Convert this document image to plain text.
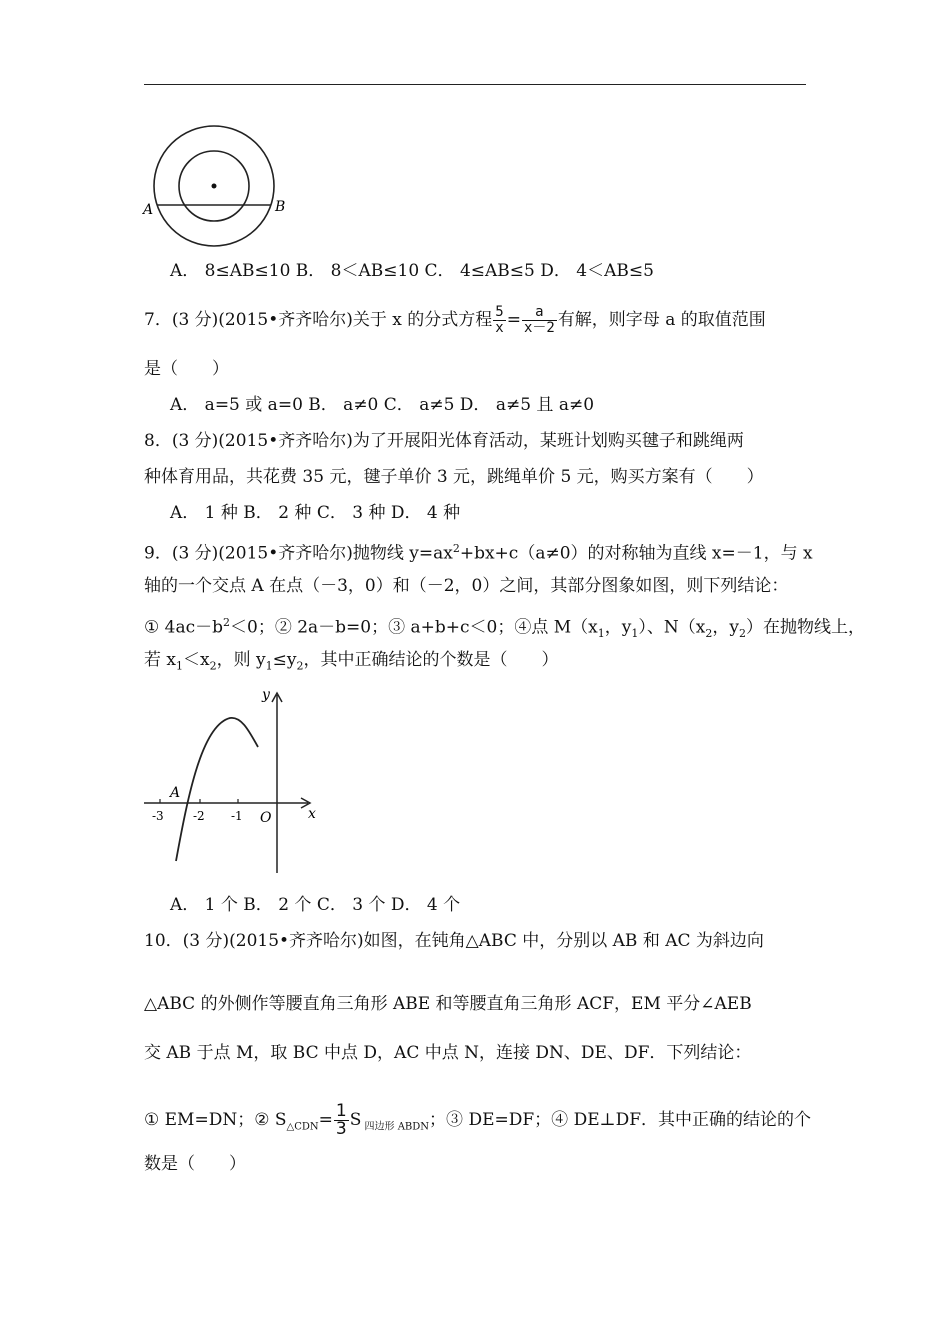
A	B
A． 8≤AB≤10 B． 8＜AB≤10 C． 4≤AB≤5 D． 4＜AB≤5
7．(3 分)(2015•齐齐哈尔)关于 x 的分式方程 $\frac{5}{x} = \frac{a}{x-2}$ 有解，则字母 a 的取值范围
是（　　）
A． a=5 或 a=0 B． a≠0 C． a≠5 D． a≠5 且 a≠0
8．(3 分)(2015•齐齐哈尔)为了开展阳光体育活动，某班计划购买毽子和跳绳两
种体育用品，共花费 35 元，毽子单价 3 元，跳绳单价 5 元，购买方案有（　　）
A． 1 种 B． 2 种 C． 3 种 D． 4 种
9．(3 分)(2015•齐齐哈尔)抛物线 $y=ax^2+bx+c(a\ne 0)$的对称轴为直线 x=－1，与 x
轴的一个交点 A 在点（－3，0）和（－2，0）之间，其部分图象如图，则下列结论：
① $4ac-b^2<0$；② 2a－b=0；③ a+b+c＜0；④点 $M(x_1$，$y_1$）、$N(x_2$，$y_2$）在抛物线上，
若 $x_1<x_2$，则 $y_1\le y_2$，其中正确结论的个数是（　　）
y
x
O
A
-3 -2 -1
A． 1 个 B． 2 个 C． 3 个 D． 4 个
10．(3 分)(2015•齐齐哈尔)如图，在钝角△ABC 中，分别以 AB 和 AC 为斜边向
△ABC 的外侧作等腰直角三角形 ABE 和等腰直角三角形 ACF，EM 平分∠AEB
交 AB 于点 M，取 BC 中点 D，AC 中点 N，连接 DN、DE、DF．下列结论：
① EM=DN；② $S_{\triangle CDN}= \frac{1}{3}$ S $_{四边形 ABDN}$；③ DE=DF；④ DE⊥DF．其中正确的结论的个
数是（　　）
